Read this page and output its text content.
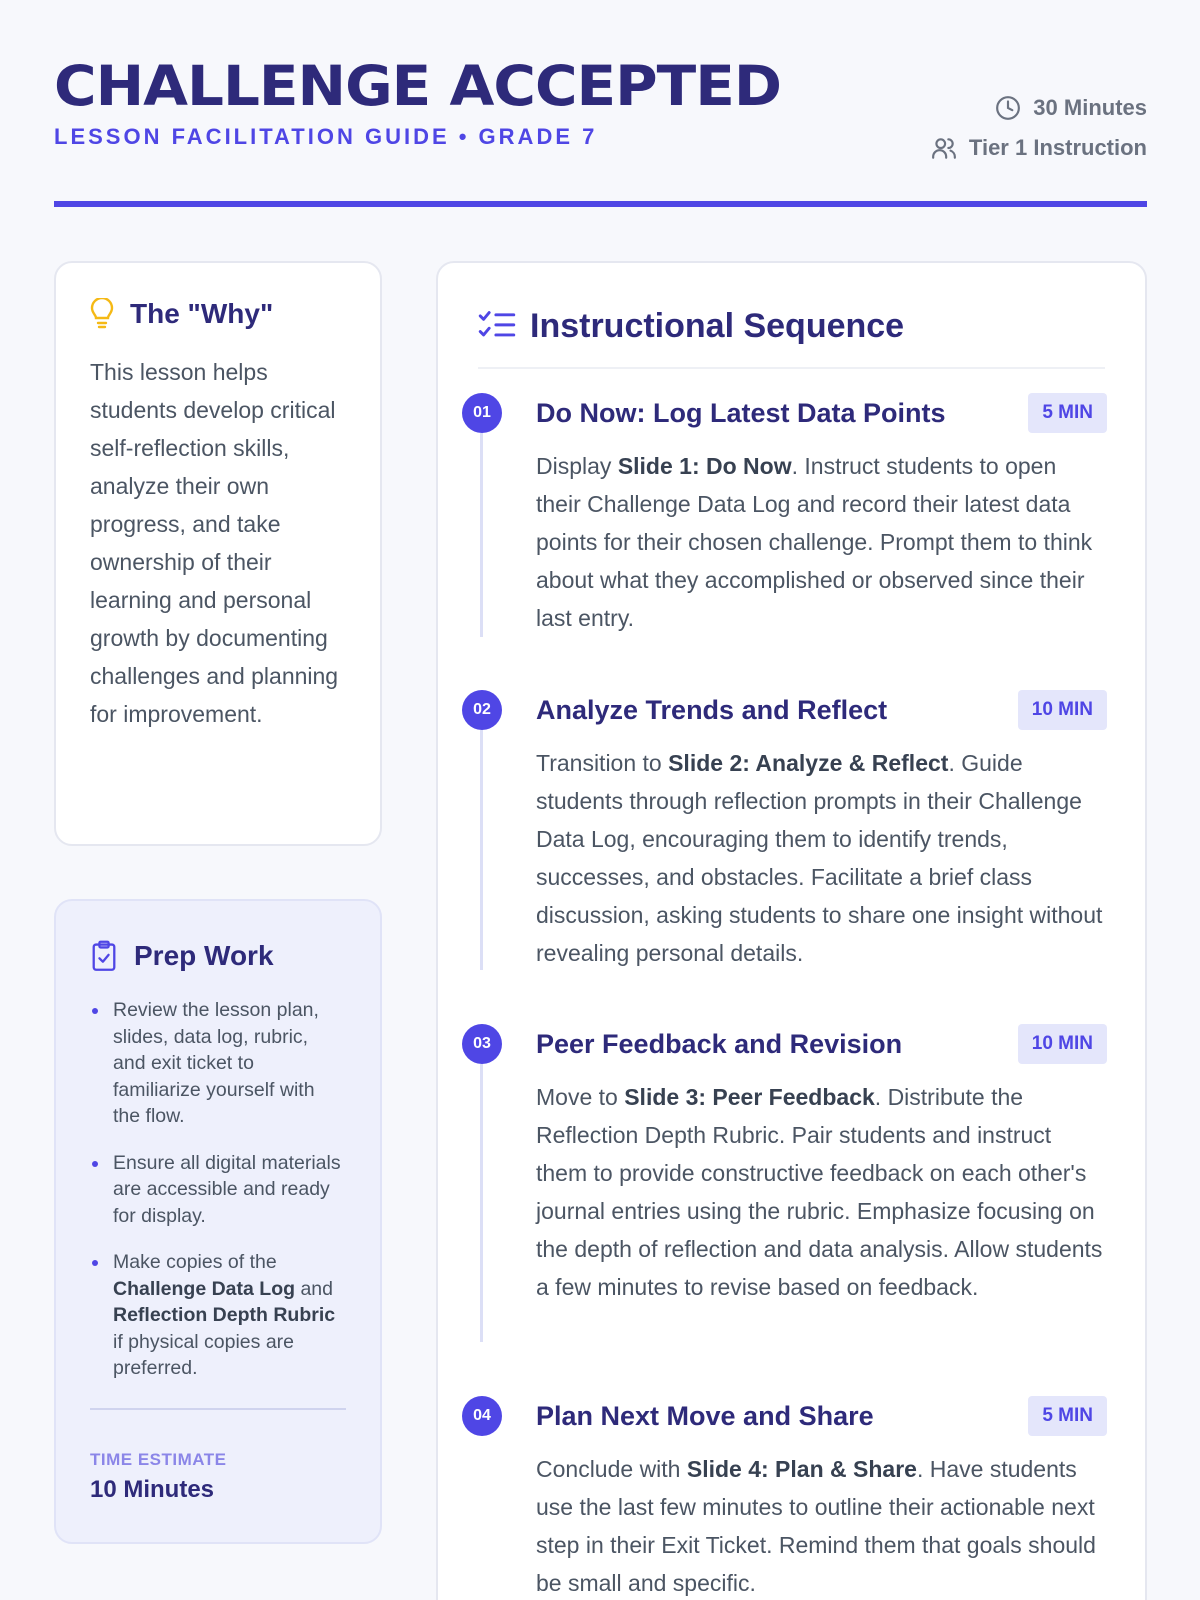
CHALLENGE ACCEPTED
LESSON FACILITATION GUIDE • GRADE 7
30 Minutes
Tier 1 Instruction
The "Why"
This lesson helps students develop critical self-reflection skills, analyze their own progress, and take ownership of their learning and personal growth by documenting challenges and planning for improvement.
Prep Work
Review the lesson plan, slides, data log, rubric, and exit ticket to familiarize yourself with the flow.
Ensure all digital materials are accessible and ready for display.
Make copies of the Challenge Data Log and Reflection Depth Rubric if physical copies are preferred.
TIME ESTIMATE
10 Minutes
Instructional Sequence
01	Do Now: Log Latest Data Points	5 MIN
Display Slide 1: Do Now. Instruct students to open their Challenge Data Log and record their latest data points for their chosen challenge. Prompt them to think about what they accomplished or observed since their last entry.
02	Analyze Trends and Reflect	10 MIN
Transition to Slide 2: Analyze & Reflect. Guide students through reflection prompts in their Challenge Data Log, encouraging them to identify trends, successes, and obstacles. Facilitate a brief class discussion, asking students to share one insight without revealing personal details.
03	Peer Feedback and Revision	10 MIN
Move to Slide 3: Peer Feedback. Distribute the Reflection Depth Rubric. Pair students and instruct them to provide constructive feedback on each other's journal entries using the rubric. Emphasize focusing on the depth of reflection and data analysis. Allow students a few minutes to revise based on feedback.
04	Plan Next Move and Share	5 MIN
Conclude with Slide 4: Plan & Share. Have students use the last few minutes to outline their actionable next step in their Exit Ticket. Remind them that goals should be small and specific.
